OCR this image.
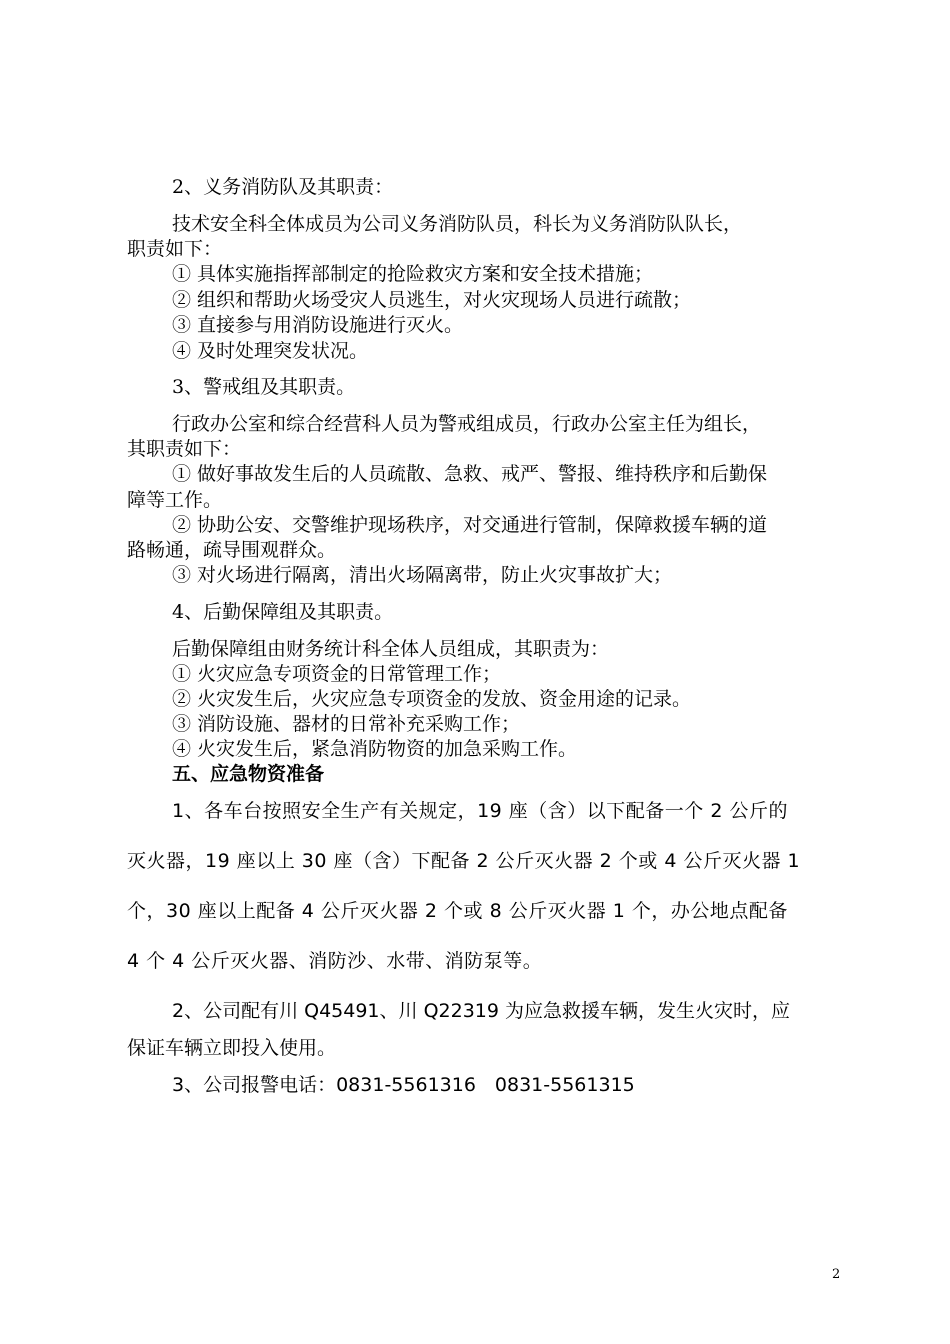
2、义务消防队及其职责：
技术安全科全体成员为公司义务消防队员，科长为义务消防队队长，
职责如下：
① 具体实施指挥部制定的抢险救灾方案和安全技术措施；
② 组织和帮助火场受灾人员逃生，对火灾现场人员进行疏散；
③ 直接参与用消防设施进行灭火。
④ 及时处理突发状况。
3、警戒组及其职责。
行政办公室和综合经营科人员为警戒组成员，行政办公室主任为组长，
其职责如下：
① 做好事故发生后的人员疏散、急救、戒严、警报、维持秩序和后勤保
障等工作。
② 协助公安、交警维护现场秩序，对交通进行管制，保障救援车辆的道
路畅通，疏导围观群众。
③ 对火场进行隔离，清出火场隔离带，防止火灾事故扩大；
4、后勤保障组及其职责。
后勤保障组由财务统计科全体人员组成，其职责为：
① 火灾应急专项资金的日常管理工作；
② 火灾发生后，火灾应急专项资金的发放、资金用途的记录。
③ 消防设施、器材的日常补充采购工作；
④ 火灾发生后，紧急消防物资的加急采购工作。
五、应急物资准备
1、各车台按照安全生产有关规定，19 座（含）以下配备一个 2 公斤的
灭火器，19 座以上 30 座（含）下配备 2 公斤灭火器 2 个或 4 公斤灭火器 1
个，30 座以上配备 4 公斤灭火器 2 个或 8 公斤灭火器 1 个，办公地点配备
4 个 4 公斤灭火器、消防沙、水带、消防泵等。
2、公司配有川 Q45491、川 Q22319 为应急救援车辆，发生火灾时，应
保证车辆立即投入使用。
3、公司报警电话：0831-5561316　0831-5561315
2
